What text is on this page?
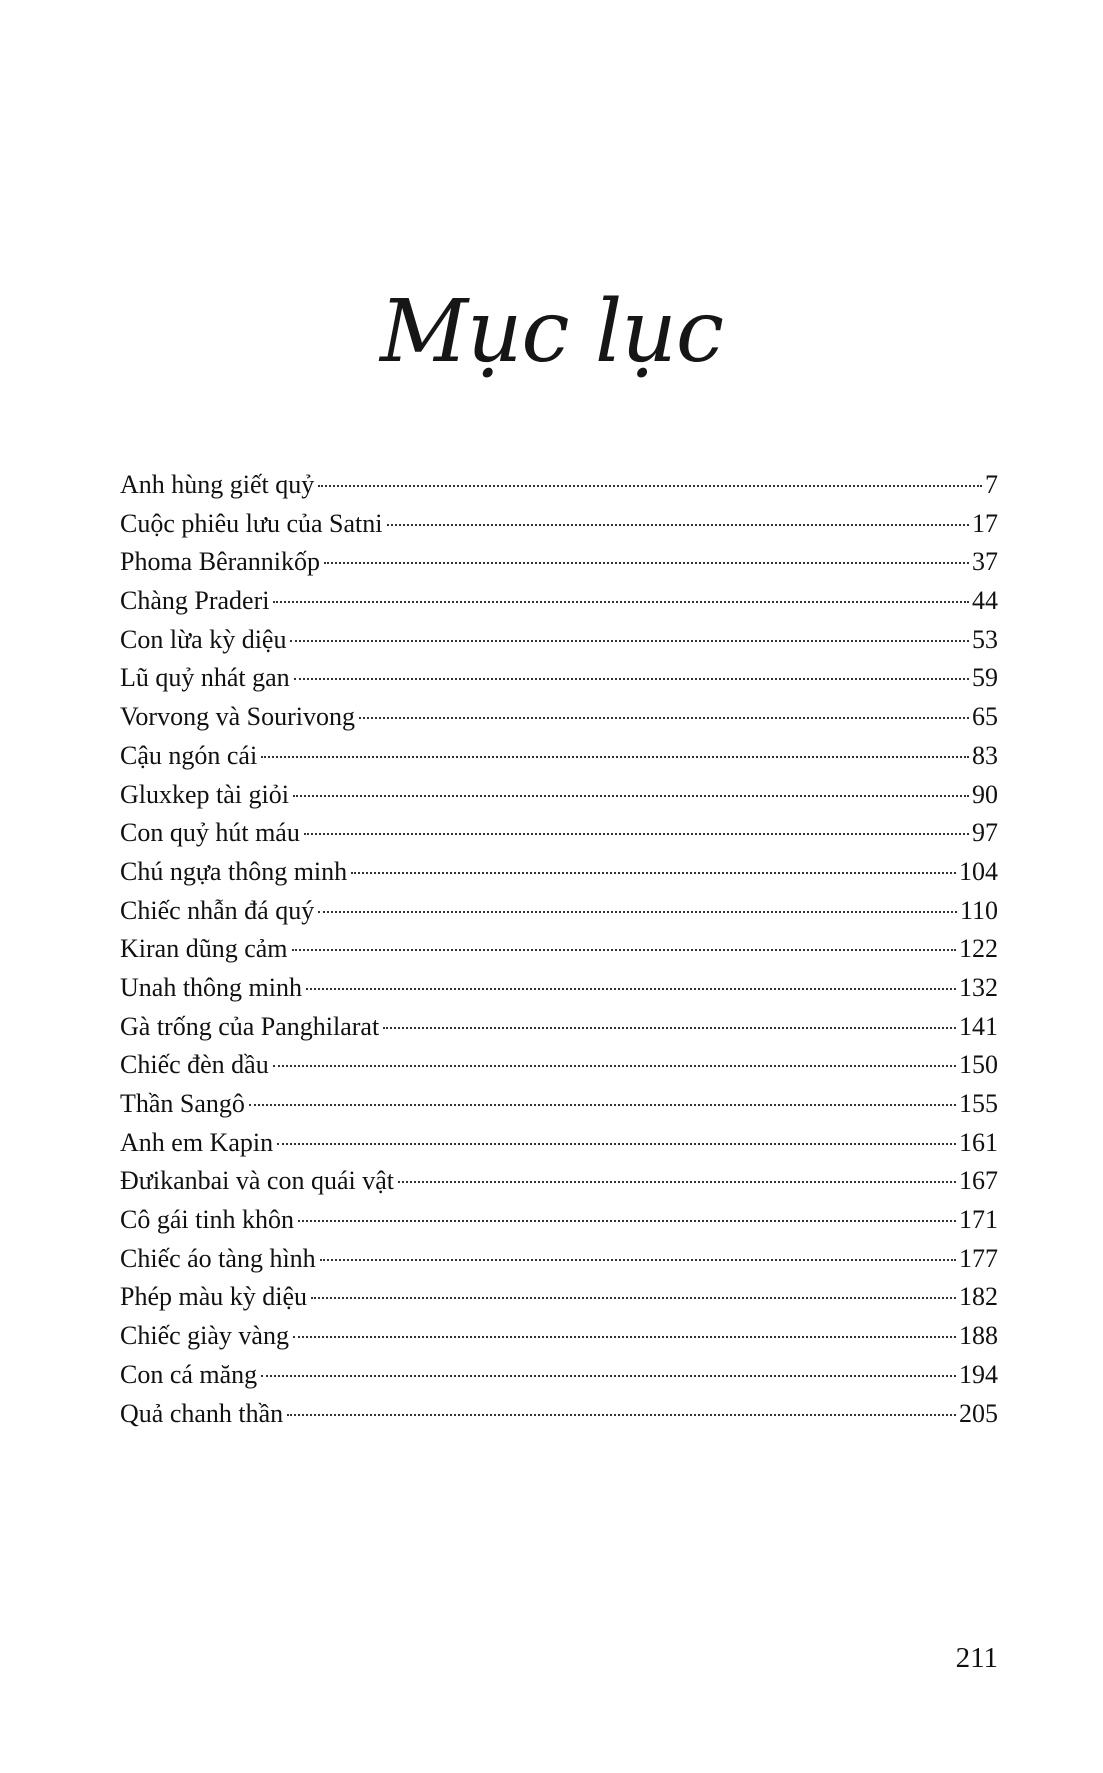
Mục lục
Anh hùng giết quỷ	7
Cuộc phiêu lưu của Satni	17
Phoma Bêrannikốp	37
Chàng Praderi	44
Con lừa kỳ diệu	53
Lũ quỷ nhát gan	59
Vorvong và Sourivong	65
Cậu ngón cái	83
Gluxkep tài giỏi	90
Con quỷ hút máu	97
Chú ngựa thông minh	104
Chiếc nhẫn đá quý	110
Kiran dũng cảm	122
Unah thông minh	132
Gà trống của Panghilarat	141
Chiếc đèn dầu	150
Thần Sangô	155
Anh em Kapin	161
Đưikanbai và con quái vật	167
Cô gái tinh khôn	171
Chiếc áo tàng hình	177
Phép màu kỳ diệu	182
Chiếc giày vàng	188
Con cá măng	194
Quả chanh thần	205
211
